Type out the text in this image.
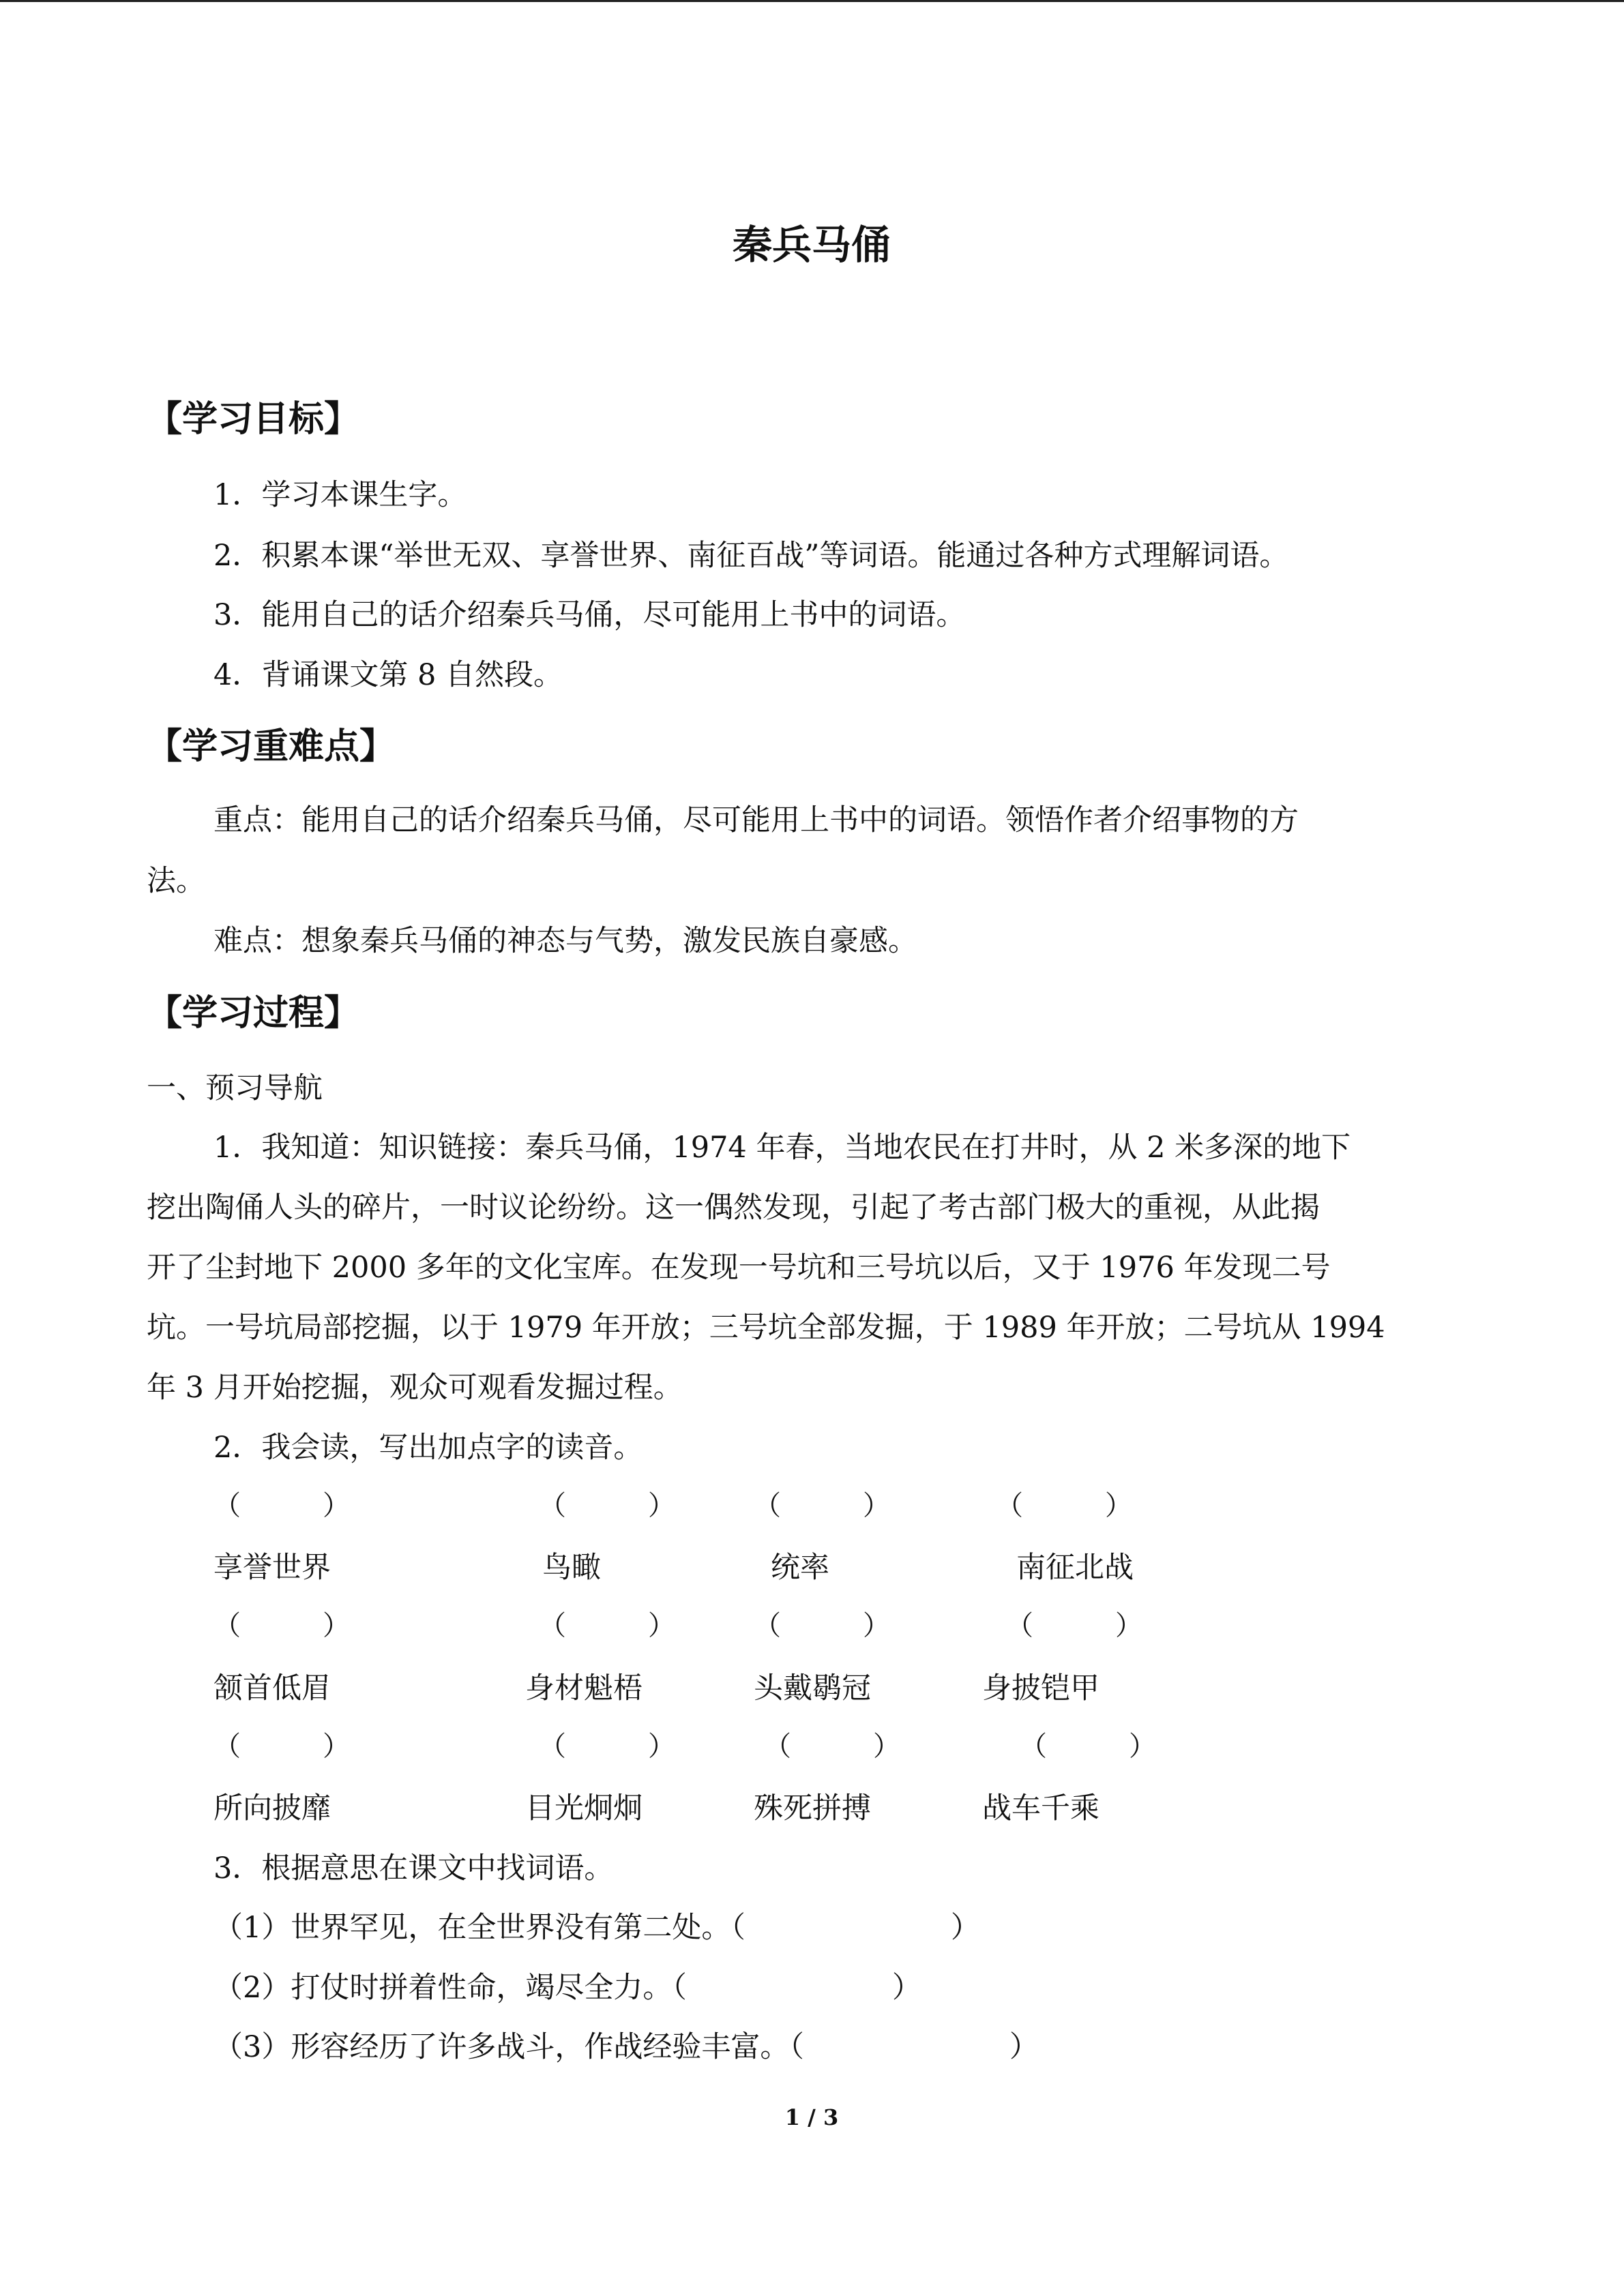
秦兵马俑
【学习目标】
1．学习本课生字。
2．积累本课“举世无双、享誉世界、南征百战”等词语。能通过各种方式理解词语。
3．能用自己的话介绍秦兵马俑，尽可能用上书中的词语。
4．背诵课文第 8 自然段。
【学习重难点】
重点：能用自己的话介绍秦兵马俑，尽可能用上书中的词语。领悟作者介绍事物的方
法。
难点：想象秦兵马俑的神态与气势，激发民族自豪感。
【学习过程】
一、预习导航
1．我知道：知识链接：秦兵马俑，1974 年春，当地农民在打井时，从 2 米多深的地下
挖出陶俑人头的碎片，一时议论纷纷。这一偶然发现，引起了考古部门极大的重视，从此揭
开了尘封地下 2000 多年的文化宝库。在发现一号坑和三号坑以后，又于 1976 年发现二号
坑。一号坑局部挖掘，以于 1979 年开放；三号坑全部发掘，于 1989 年开放；二号坑从 1994
年 3 月开始挖掘，观众可观看发掘过程。
2．我会读，写出加点字的读音。
（　　　）	（　　　）	（　　　）	（　　　）
享誉世界	鸟瞰	统率	南征北战
（　　　）	（　　　）	（　　　）	（　　　）
颔首低眉	身材魁梧	头戴鹖冠	身披铠甲
（　　　）	（　　　）	（　　　）	（　　　）
所向披靡	目光炯炯	殊死拼搏	战车千乘
3．根据意思在课文中找词语。
（1）世界罕见，在全世界没有第二处。（　　　　　　　）
（2）打仗时拼着性命，竭尽全力。（　　　　　　　）
（3）形容经历了许多战斗，作战经验丰富。（　　　　　　　）
1 / 3
